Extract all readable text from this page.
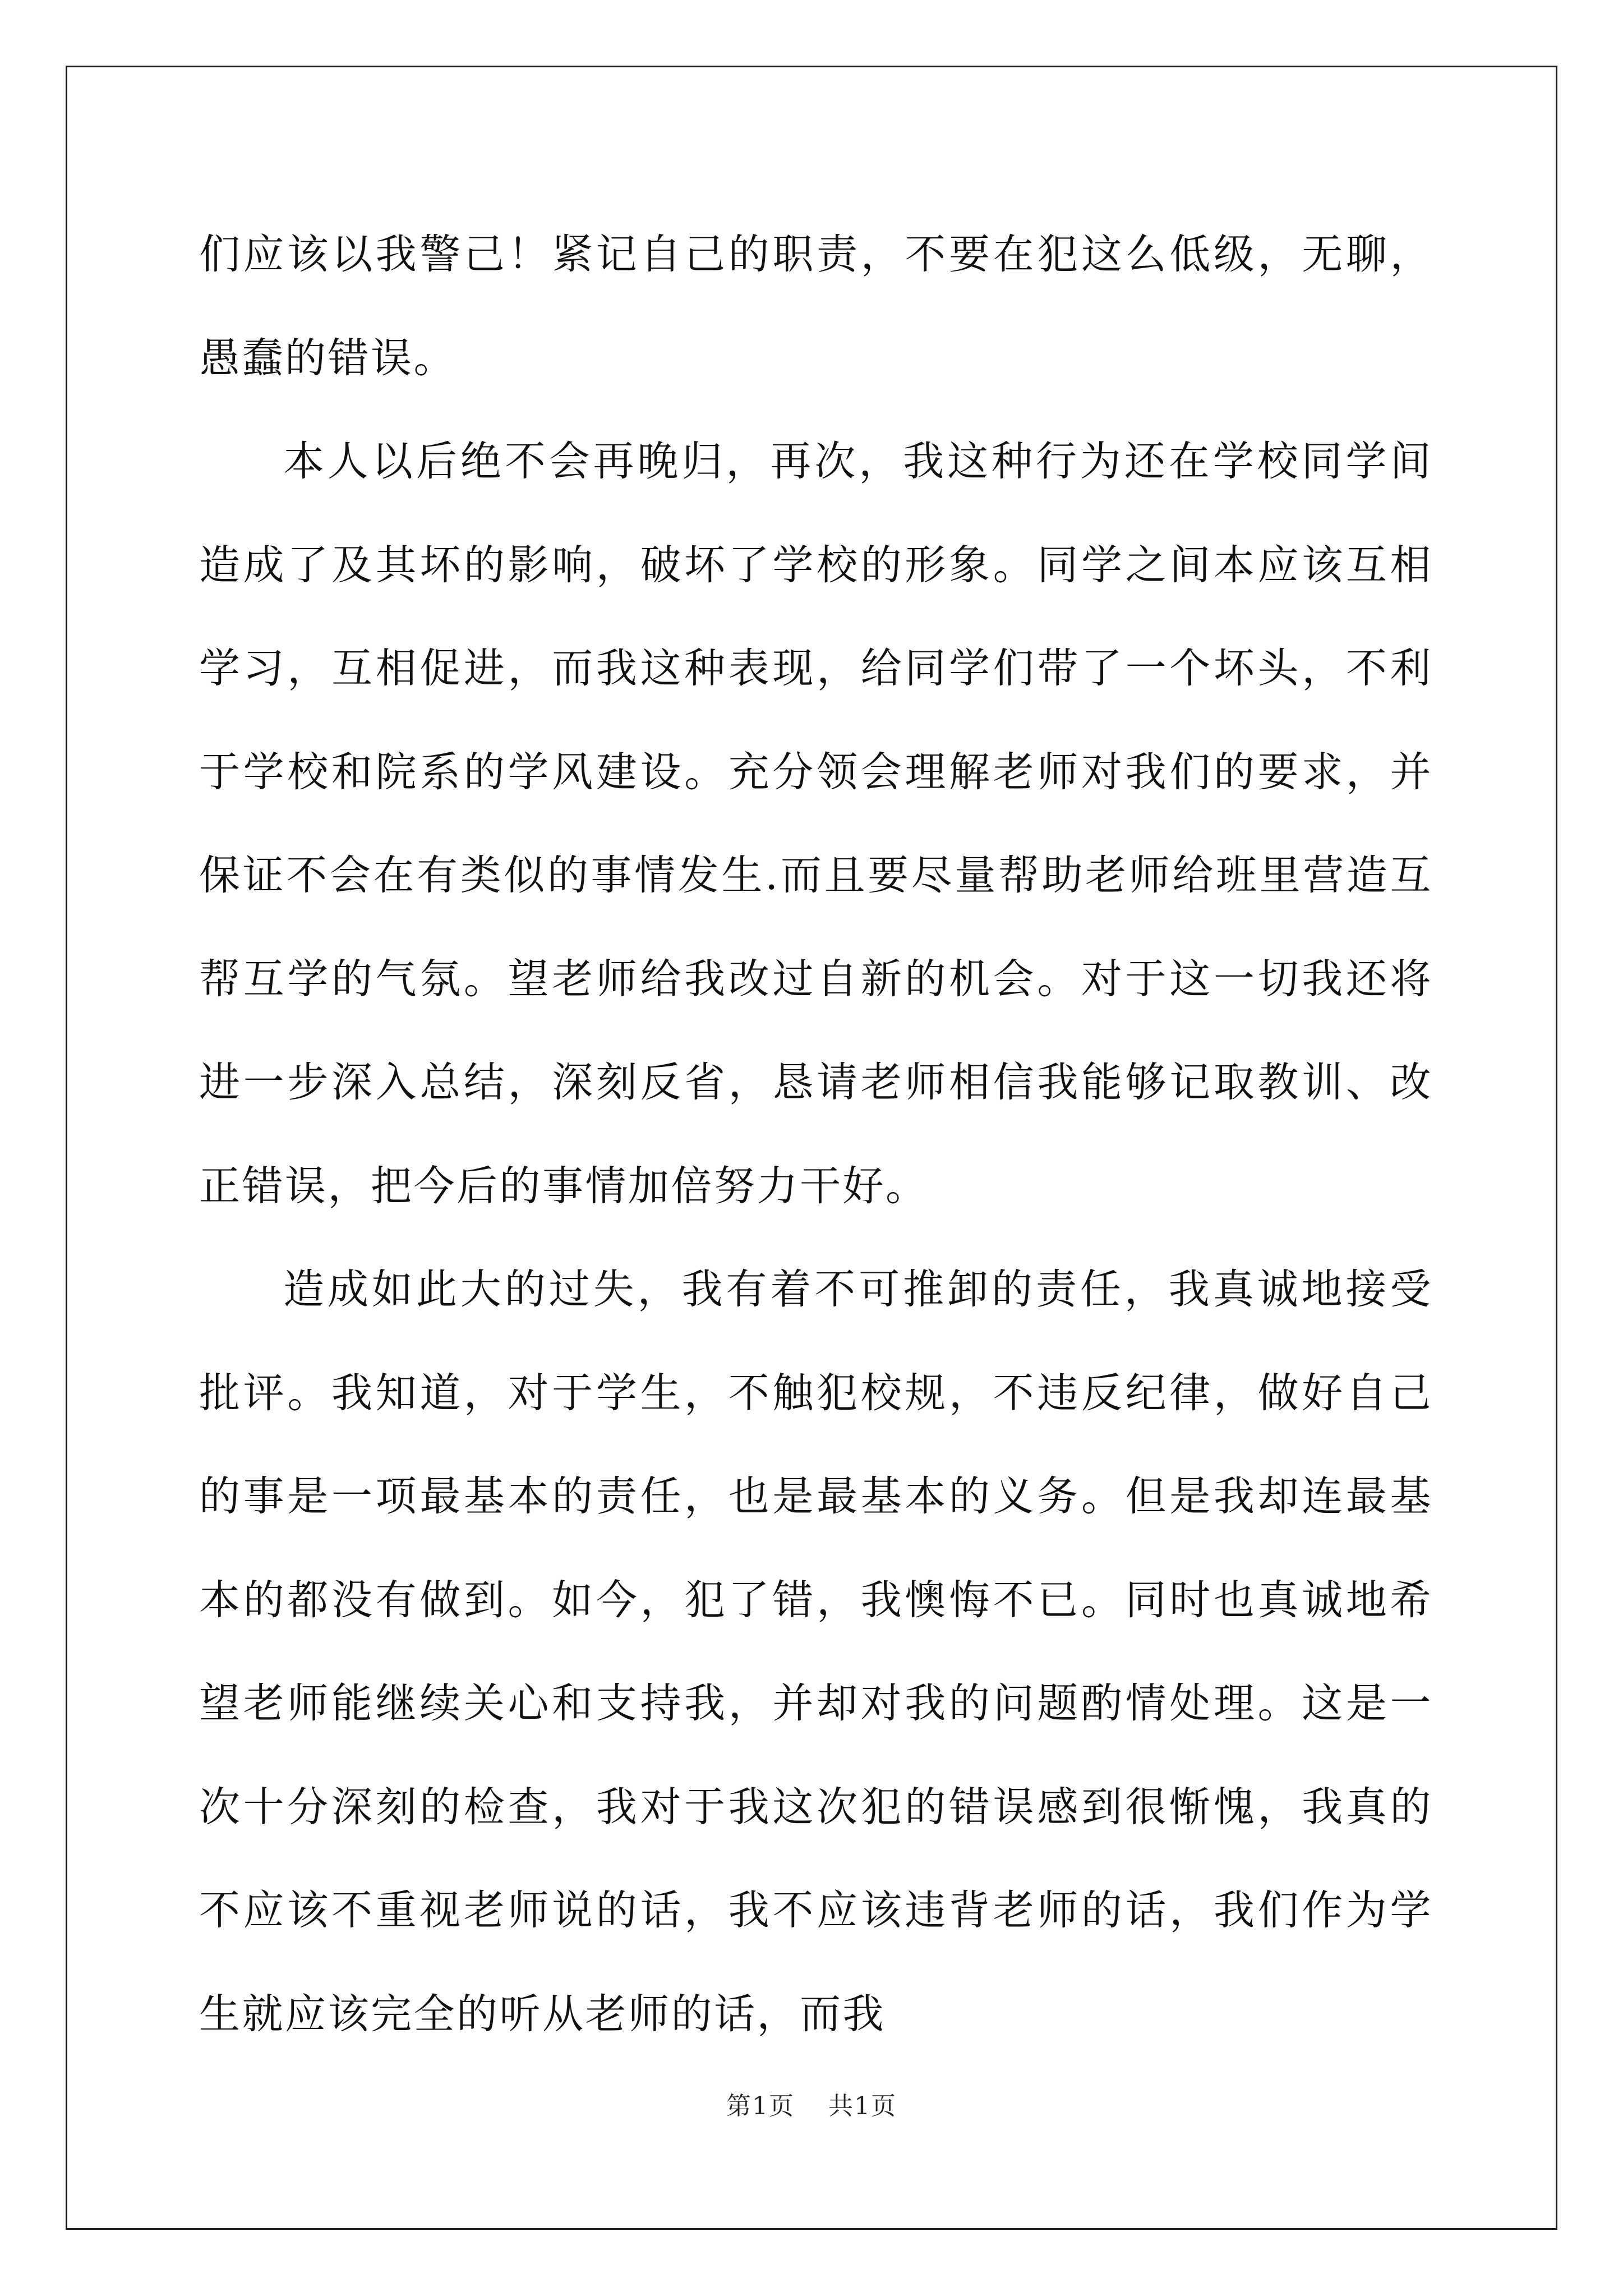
们应该以我警己！紧记自己的职责，不要在犯这么低级，无聊，愚蠢的错误。

本人以后绝不会再晚归，再次，我这种行为还在学校同学间造成了及其坏的影响，破坏了学校的形象。同学之间本应该互相学习，互相促进，而我这种表现，给同学们带了一个坏头，不利于学校和院系的学风建设。充分领会理解老师对我们的要求，并保证不会在有类似的事情发生.而且要尽量帮助老师给班里营造互帮互学的气氛。望老师给我改过自新的机会。对于这一切我还将进一步深入总结，深刻反省，恳请老师相信我能够记取教训、改正错误，把今后的事情加倍努力干好。

造成如此大的过失，我有着不可推卸的责任，我真诚地接受批评。我知道，对于学生，不触犯校规，不违反纪律，做好自己的事是一项最基本的责任，也是最基本的义务。但是我却连最基本的都没有做到。如今，犯了错，我懊悔不已。同时也真诚地希望老师能继续关心和支持我，并却对我的问题酌情处理。这是一次十分深刻的检查，我对于我这次犯的错误感到很惭愧，我真的不应该不重视老师说的话，我不应该违背老师的话，我们作为学生就应该完全的听从老师的话，而我

第1页 共1页
